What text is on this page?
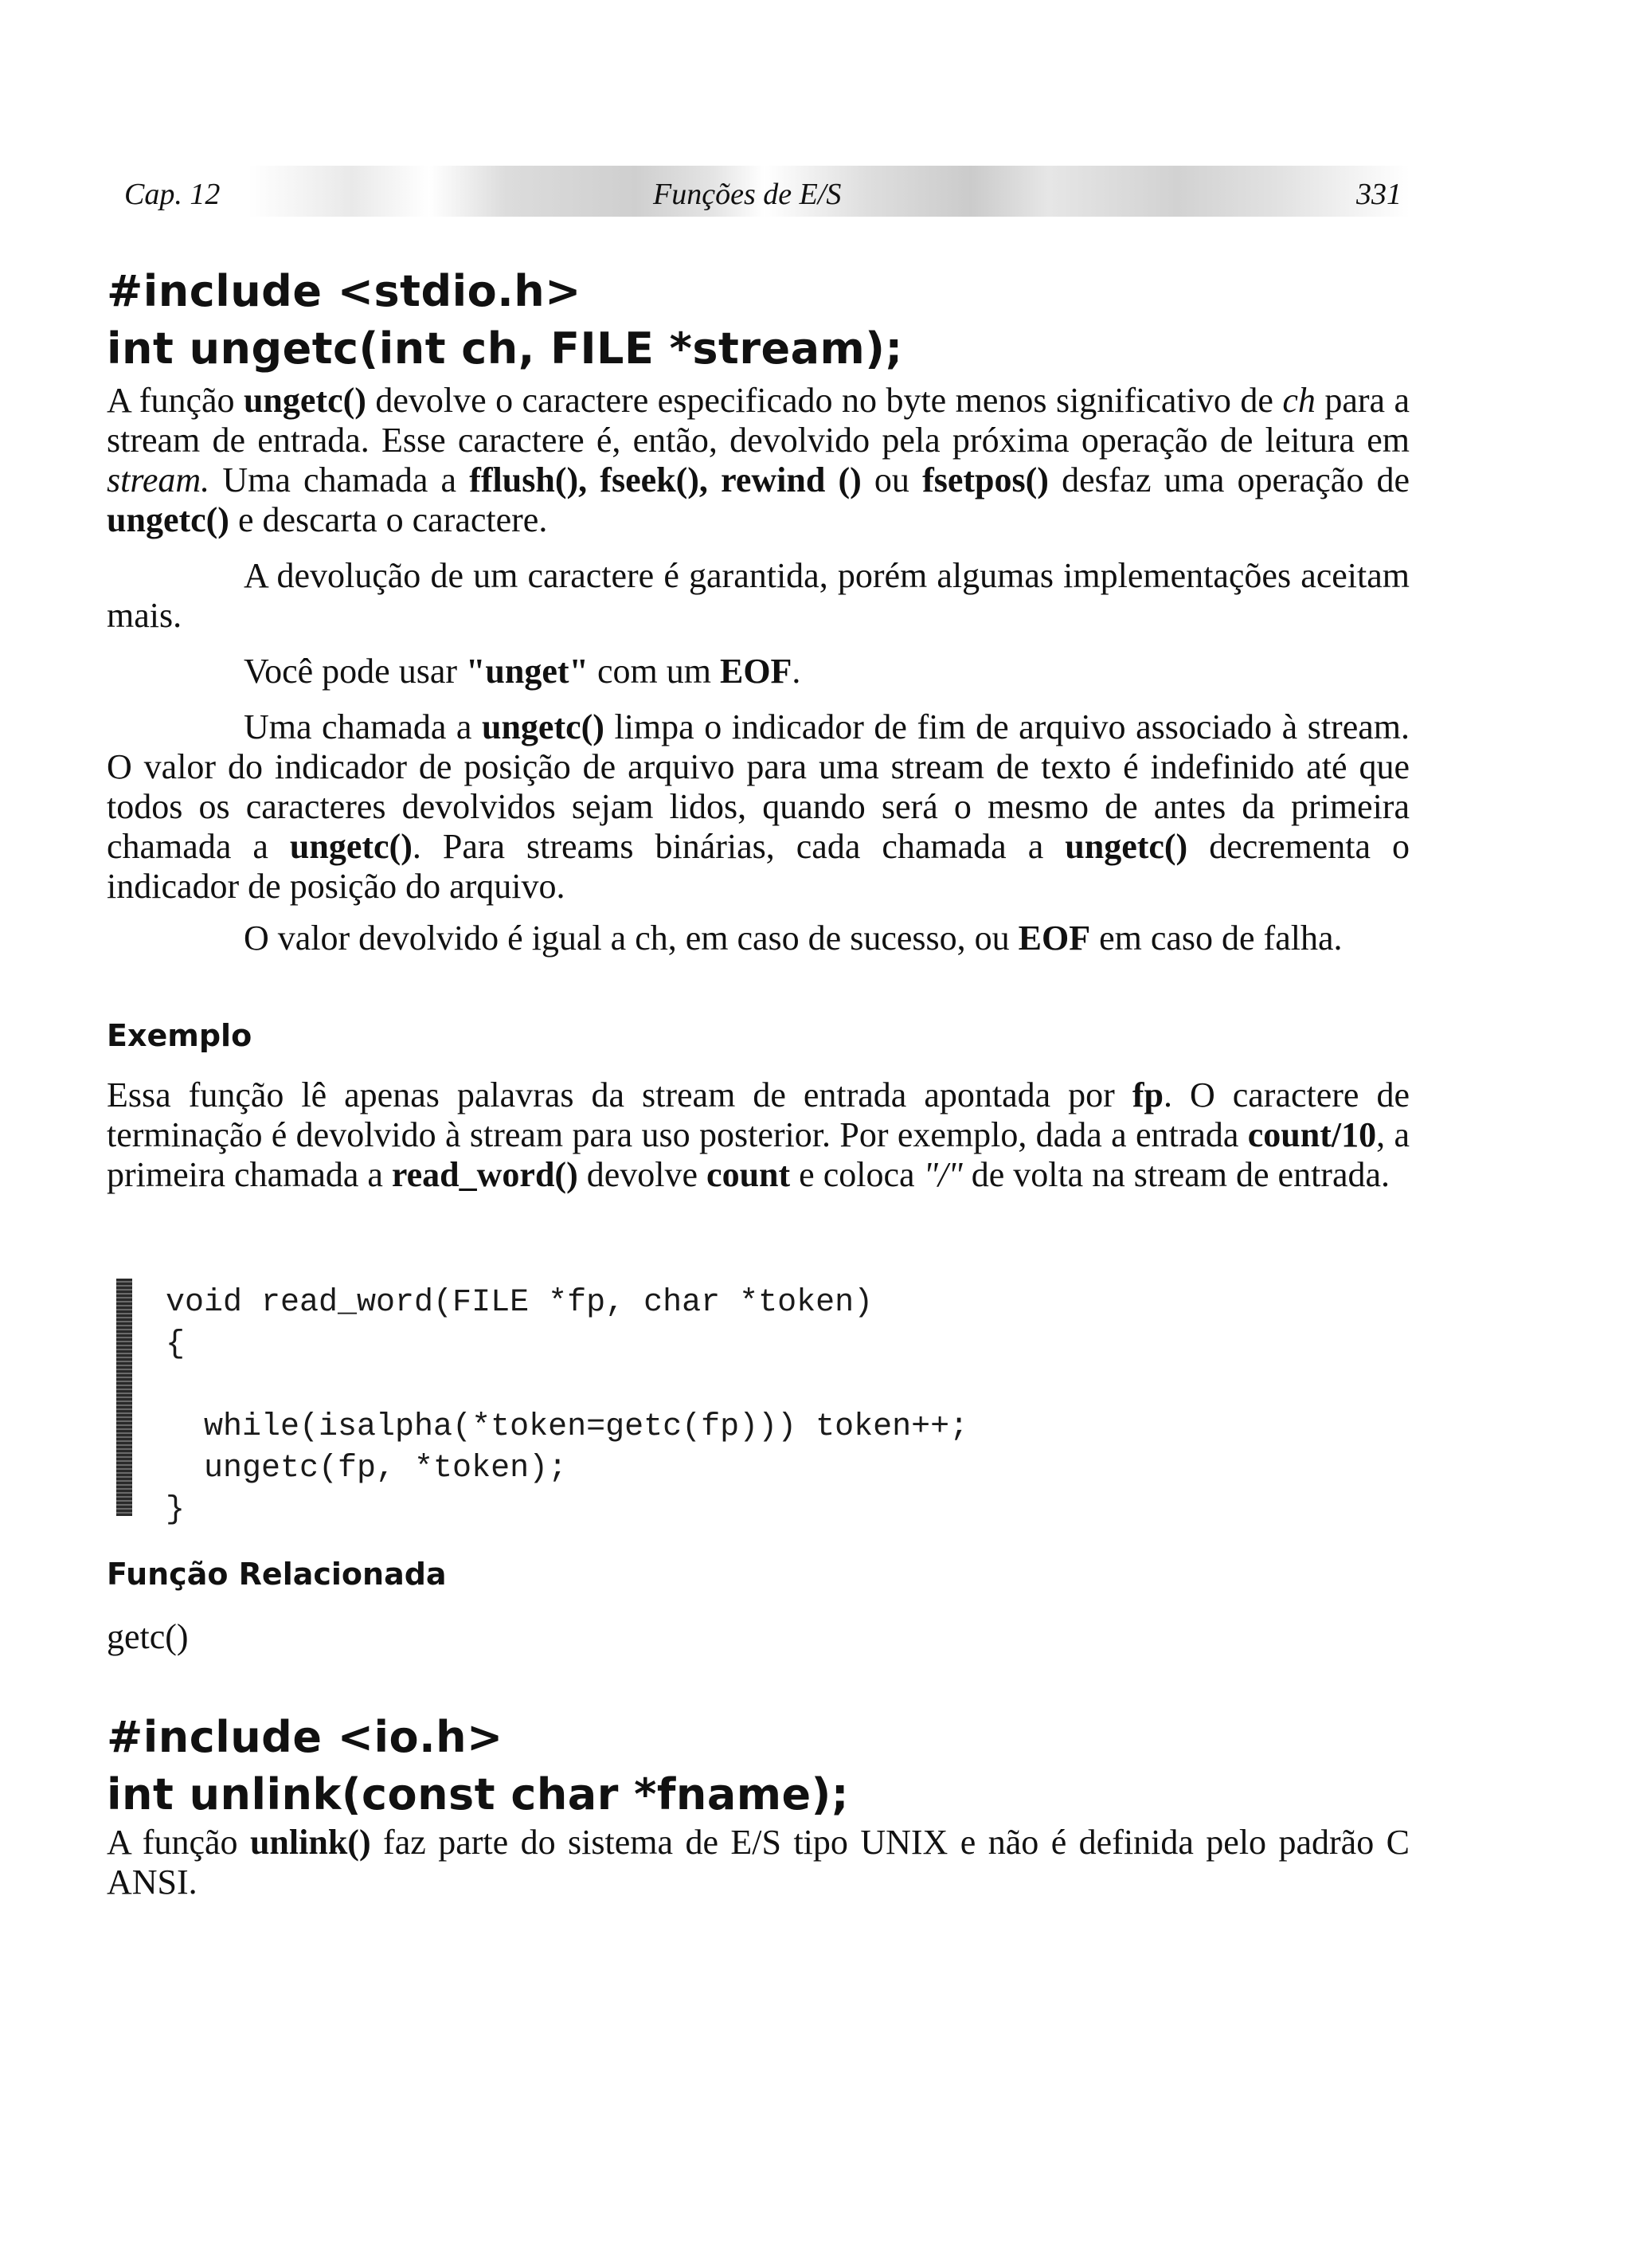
Cap. 12	Funções de E/S	331
#include <stdio.h>
int ungetc(int ch, FILE *stream);

A função ungetc() devolve o caractere especificado no byte menos significativo de ch para a stream de entrada. Esse caractere é, então, devolvido pela próxima operação de leitura em stream. Uma chamada a fflush(), fseek(), rewind () ou fsetpos() desfaz uma operação de ungetc() e descarta o caractere.

A devolução de um caractere é garantida, porém algumas implementações aceitam mais.

Você pode usar "unget" com um EOF.

Uma chamada a ungetc() limpa o indicador de fim de arquivo associado à stream. O valor do indicador de posição de arquivo para uma stream de texto é indefinido até que todos os caracteres devolvidos sejam lidos, quando será o mesmo de antes da primeira chamada a ungetc(). Para streams binárias, cada chamada a ungetc() decrementa o indicador de posição do arquivo.

O valor devolvido é igual a ch, em caso de sucesso, ou EOF em caso de falha.

Exemplo

Essa função lê apenas palavras da stream de entrada apontada por fp. O caractere de terminação é devolvido à stream para uso posterior. Por exemplo, dada a entrada count/10, a primeira chamada a read_word() devolve count e coloca "/" de volta na stream de entrada.

void read_word(FILE *fp, char *token)
{
while(isalpha(*token=getc(fp))) token++;
ungetc(fp, *token);
}
Função Relacionada
getc()
#include <io.h>
int unlink(const char *fname);

A função unlink() faz parte do sistema de E/S tipo UNIX e não é definida pelo padrão C ANSI.
